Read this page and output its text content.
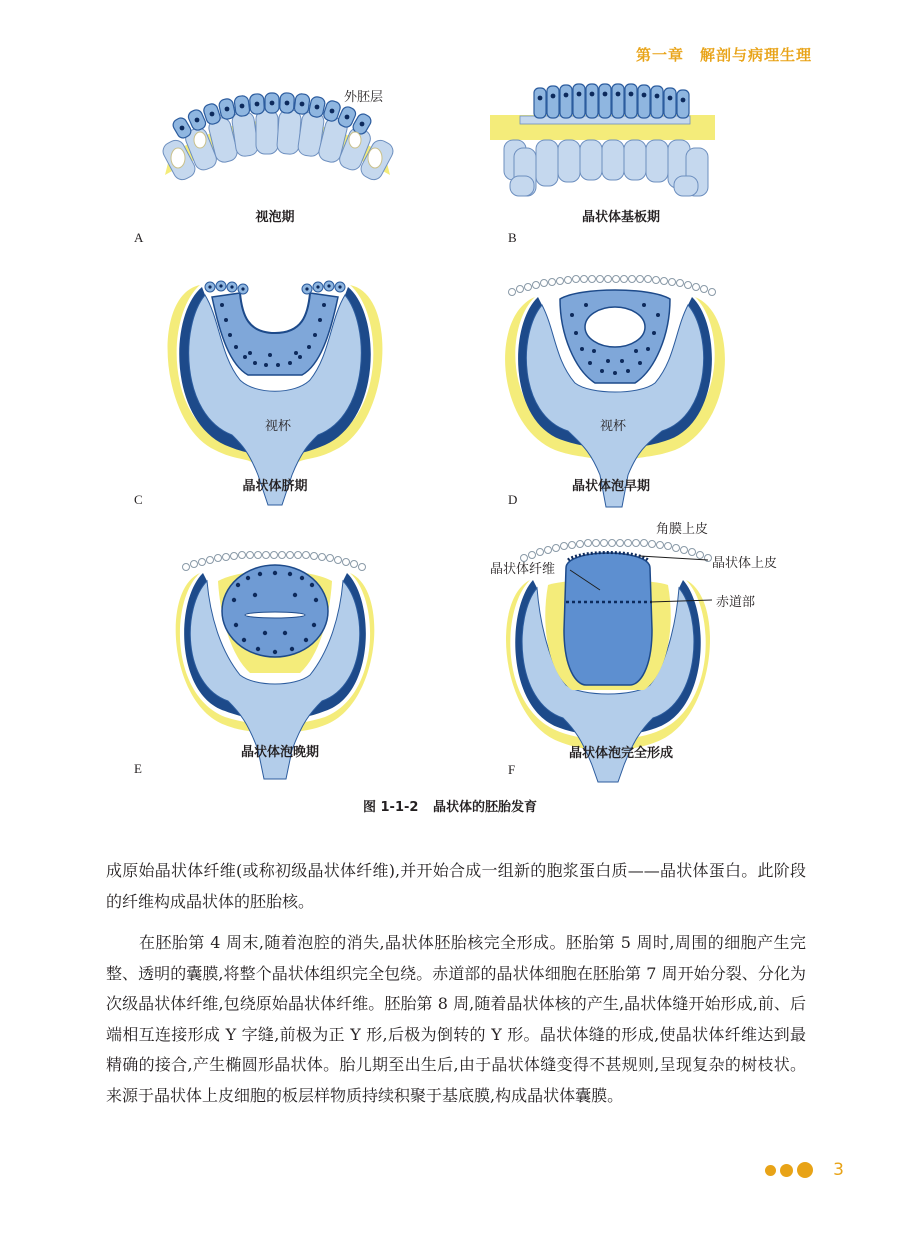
第一章　解剖与病理生理
外胚层
视泡期
A
晶状体基板期
B
视杯
晶状体脐期
C
视杯
晶状体泡早期
D
晶状体泡晚期
E
角膜上皮
晶状体纤维	晶状体上皮
赤道部
晶状体泡完全形成
F
图 1-1-2 晶状体的胚胎发育
成原始晶状体纤维(或称初级晶状体纤维),并开始合成一组新的胞浆蛋白质——晶状体蛋白。此阶段的纤维构成晶状体的胚胎核。
在胚胎第 4 周末,随着泡腔的消失,晶状体胚胎核完全形成。胚胎第 5 周时,周围的细胞产生完整、透明的囊膜,将整个晶状体组织完全包绕。赤道部的晶状体细胞在胚胎第 7 周开始分裂、分化为次级晶状体纤维,包绕原始晶状体纤维。胚胎第 8 周,随着晶状体核的产生,晶状体缝开始形成,前、后端相互连接形成 Y 字缝,前极为正 Y 形,后极为倒转的 Y 形。晶状体缝的形成,使晶状体纤维达到最精确的接合,产生椭圆形晶状体。胎儿期至出生后,由于晶状体缝变得不甚规则,呈现复杂的树枝状。来源于晶状体上皮细胞的板层样物质持续积聚于基底膜,构成晶状体囊膜。
3
